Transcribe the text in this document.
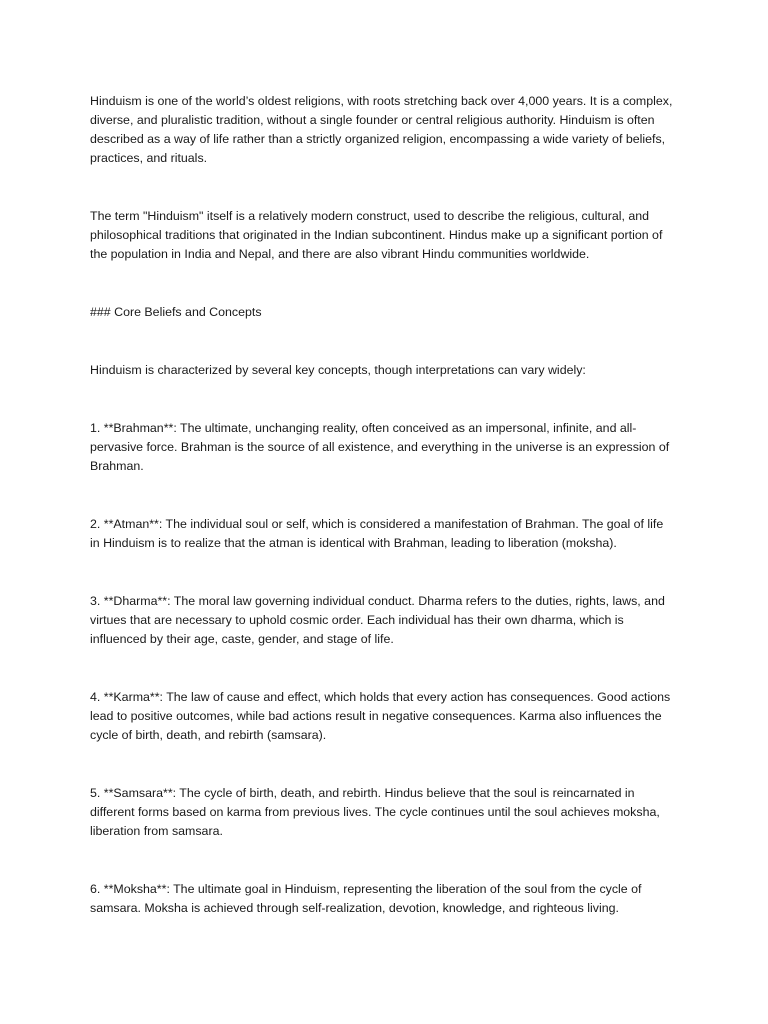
Hinduism is one of the world’s oldest religions, with roots stretching back over 4,000 years. It is a complex, diverse, and pluralistic tradition, without a single founder or central religious authority. Hinduism is often described as a way of life rather than a strictly organized religion, encompassing a wide variety of beliefs, practices, and rituals.

The term "Hinduism" itself is a relatively modern construct, used to describe the religious, cultural, and philosophical traditions that originated in the Indian subcontinent. Hindus make up a significant portion of the population in India and Nepal, and there are also vibrant Hindu communities worldwide.

### Core Beliefs and Concepts

Hinduism is characterized by several key concepts, though interpretations can vary widely:

1. **Brahman**: The ultimate, unchanging reality, often conceived as an impersonal, infinite, and all-pervasive force. Brahman is the source of all existence, and everything in the universe is an expression of Brahman.

2. **Atman**: The individual soul or self, which is considered a manifestation of Brahman. The goal of life in Hinduism is to realize that the atman is identical with Brahman, leading to liberation (moksha).

3. **Dharma**: The moral law governing individual conduct. Dharma refers to the duties, rights, laws, and virtues that are necessary to uphold cosmic order. Each individual has their own dharma, which is influenced by their age, caste, gender, and stage of life.

4. **Karma**: The law of cause and effect, which holds that every action has consequences. Good actions lead to positive outcomes, while bad actions result in negative consequences. Karma also influences the cycle of birth, death, and rebirth (samsara).

5. **Samsara**: The cycle of birth, death, and rebirth. Hindus believe that the soul is reincarnated in different forms based on karma from previous lives. The cycle continues until the soul achieves moksha, liberation from samsara.

6. **Moksha**: The ultimate goal in Hinduism, representing the liberation of the soul from the cycle of samsara. Moksha is achieved through self-realization, devotion, knowledge, and righteous living.
